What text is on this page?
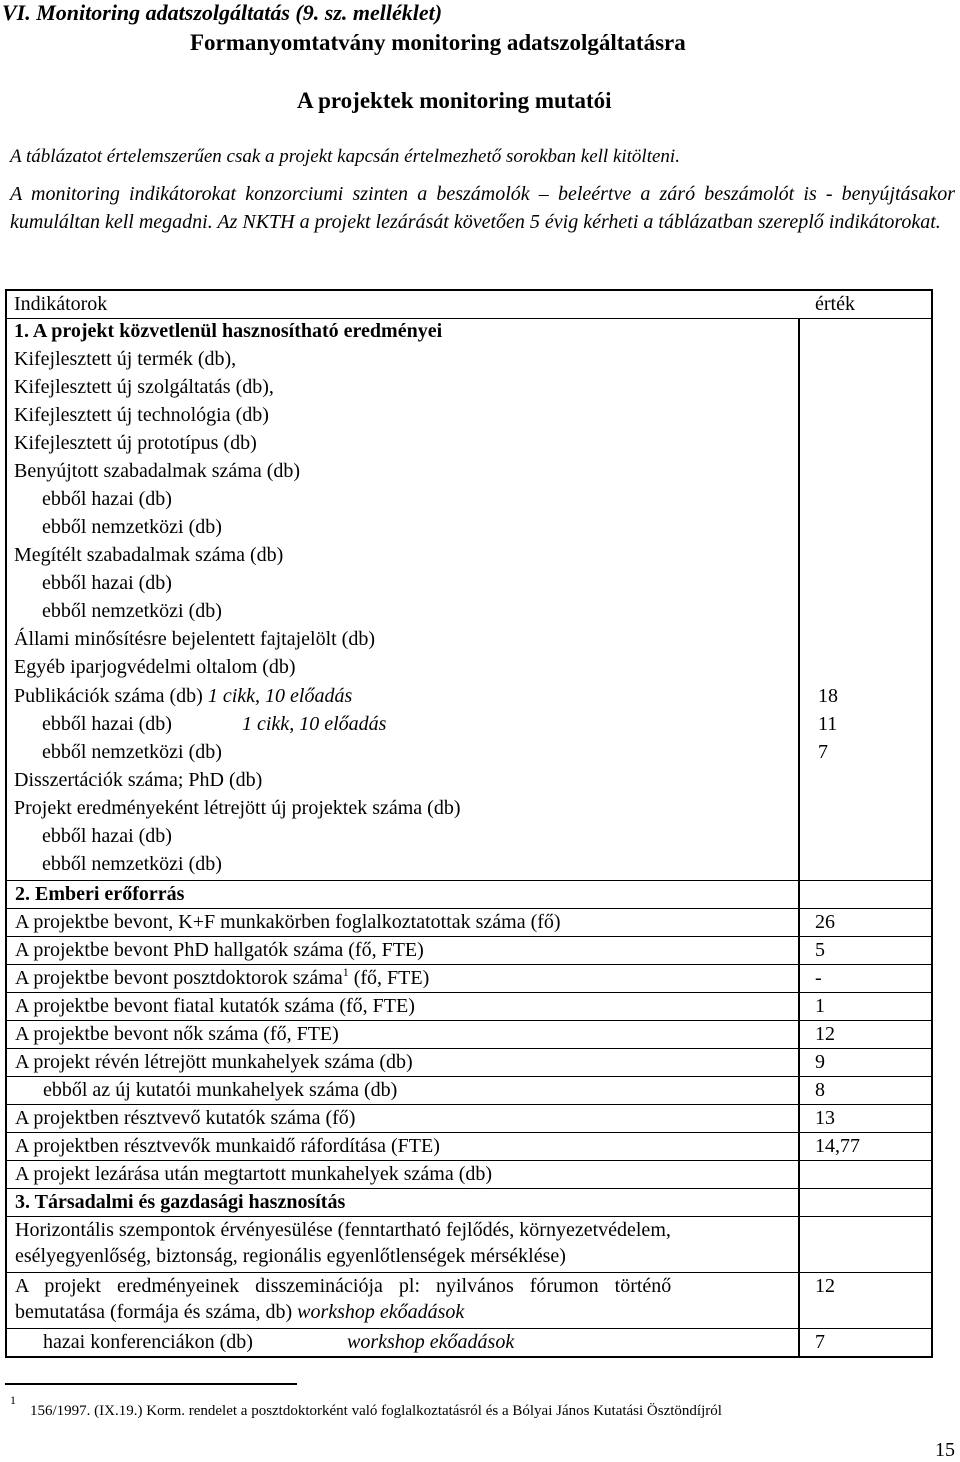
VI. Monitoring adatszolgáltatás (9. sz. melléklet)
Formanyomtatvány monitoring adatszolgáltatásra
A projektek monitoring mutatói
A táblázatot értelemszerűen csak a projekt kapcsán értelmezhető sorokban kell kitölteni.
A monitoring indikátorokat konzorciumi szinten a beszámolók – beleértve a záró beszámolót is - benyújtásakor kumuláltan kell megadni. Az NKTH a projekt lezárását követően 5 évig kérheti a táblázatban szereplő indikátorokat.
Indikátorok	érték
1. A projekt közvetlenül hasznosítható eredményei
Kifejlesztett új termék (db),
Kifejlesztett új szolgáltatás (db),
Kifejlesztett új technológia (db)
Kifejlesztett új prototípus (db)
Benyújtott szabadalmak száma (db)
ebből hazai (db)
ebből nemzetközi (db)
Megítélt szabadalmak száma (db)
ebből hazai (db)
ebből nemzetközi (db)
Állami minősítésre bejelentett fajtajelölt (db)
Egyéb iparjogvédelmi oltalom (db)
Publikációk száma (db) 1 cikk, 10 előadás	18
ebből hazai (db)	1 cikk, 10 előadás	11
ebből nemzetközi (db)	7
Disszertációk száma; PhD (db)
Projekt eredményeként létrejött új projektek száma (db)
ebből hazai (db)
ebből nemzetközi (db)
2. Emberi erőforrás
A projektbe bevont, K+F munkakörben foglalkoztatottak száma (fő)	26
A projektbe bevont PhD hallgatók száma (fő, FTE)	5
A projektbe bevont posztdoktorok száma$^1$ (fő, FTE)	-
A projektbe bevont fiatal kutatók száma (fő, FTE)	1
A projektbe bevont nők száma (fő, FTE)	12
A projekt révén létrejött munkahelyek száma (db)	9
ebből az új kutatói munkahelyek száma (db)	8
A projektben résztvevő kutatók száma (fő)	13
A projektben résztvevők munkaidő ráfordítása (FTE)	14,77
A projekt lezárása után megtartott munkahelyek száma (db)
3. Társadalmi és gazdasági hasznosítás
Horizontális szempontok érvényesülése (fenntartható fejlődés, környezetvédelem,
esélyegyenlőség, biztonság, regionális egyenlőtlenségek mérséklése)
A projekt eredményeinek disszeminációja pl: nyilvános fórumon történő
bemutatása (formája és száma, db) workshop ekőadások
12
hazai konferenciákon (db)	workshop ekőadások	7
1
156/1997. (IX.19.) Korm. rendelet a posztdoktorként való foglalkoztatásról és a Bólyai János Kutatási Ösztöndíjról
15
